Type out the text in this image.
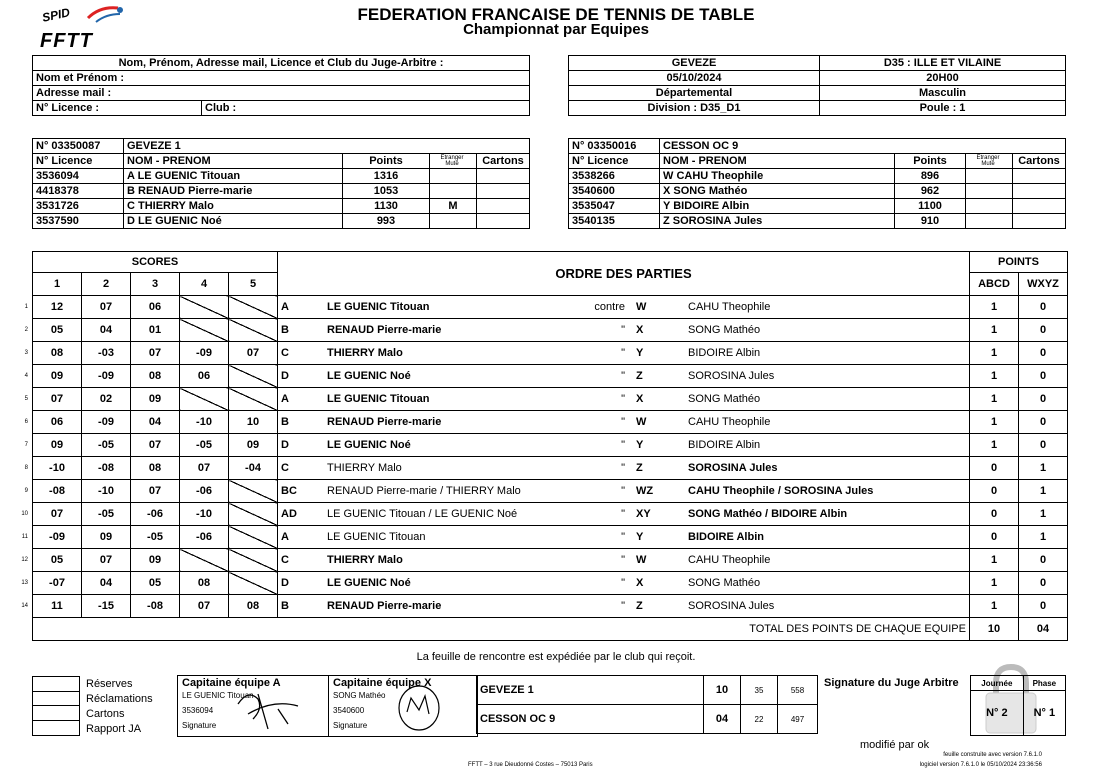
SPID
FFTT
FEDERATION FRANCAISE DE TENNIS DE TABLE
Championnat par Equipes
Nom, Prénom, Adresse mail, Licence et Club du Juge-Arbitre :
Nom et Prénom :
Adresse mail :
N° Licence :	Club :
GEVEZE	D35 : ILLE ET VILAINE
05/10/2024	20H00
Départemental	Masculin
Division : D35_D1	Poule : 1
N° 03350087	GEVEZE 1			
N° Licence	NOM - PRENOM	Points	Etranger Muté	Cartons
3536094	A LE GUENIC Titouan	1316		
4418378	B RENAUD Pierre-marie	1053		
3531726	C THIERRY Malo	1130	M	
3537590	D LE GUENIC Noé	993		
N° 03350016	CESSON OC 9			
N° Licence	NOM - PRENOM	Points	Etranger Muté	Cartons
3538266	W CAHU Theophile	896		
3540600	X SONG Mathéo	962		
3535047	Y BIDOIRE Albin	1100		
3540135	Z SOROSINA Jules	910		
	SCORES					ORDRE DES PARTIES					POINTS	
	1	2	3	4	5						ABCD	WXYZ
1	12	07	06			A	LE GUENIC Titouan	contre	W	CAHU Theophile	1	0
2	05	04	01			B	RENAUD Pierre-marie	"	X	SONG Mathéo	1	0
3	08	-03	07	-09	07	C	THIERRY Malo	"	Y	BIDOIRE Albin	1	0
4	09	-09	08	06		D	LE GUENIC Noé	"	Z	SOROSINA Jules	1	0
5	07	02	09			A	LE GUENIC Titouan	"	X	SONG Mathéo	1	0
6	06	-09	04	-10	10	B	RENAUD Pierre-marie	"	W	CAHU Theophile	1	0
7	09	-05	07	-05	09	D	LE GUENIC Noé	"	Y	BIDOIRE Albin	1	0
8	-10	-08	08	07	-04	C	THIERRY Malo	"	Z	SOROSINA Jules	0	1
9	-08	-10	07	-06		BC	RENAUD Pierre-marie / THIERRY Malo	"	WZ	CAHU Theophile / SOROSINA Jules	0	1
10	07	-05	-06	-10		AD	LE GUENIC Titouan / LE GUENIC Noé	"	XY	SONG Mathéo / BIDOIRE Albin	0	1
11	-09	09	-05	-06		A	LE GUENIC Titouan	"	Y	BIDOIRE Albin	0	1
12	05	07	09			C	THIERRY Malo	"	W	CAHU Theophile	1	0
13	-07	04	05	08		D	LE GUENIC Noé	"	X	SONG Mathéo	1	0
14	11	-15	-08	07	08	B	RENAUD Pierre-marie	"	Z	SOROSINA Jules	1	0
	TOTAL DES POINTS DE CHAQUE EQUIPE										10	04
La feuille de rencontre est expédiée par le club qui reçoit.
Réserves
Réclamations
Cartons
Rapport JA
Capitaine équipe A
LE GUENIC Titouan
3536094
Signature
Capitaine équipe X
SONG Mathéo
3540600
Signature
GEVEZE 1	10	35	558
CESSON OC 9	04	22	497
Signature du Juge Arbitre	Journée	Phase
N° 2	N° 1
modifié par ok
feuille construite avec version 7.6.1.0
logiciel version 7.6.1.0 le 05/10/2024 23:36:56
FFTT – 3 rue Dieudonné Costes – 75013 Paris
